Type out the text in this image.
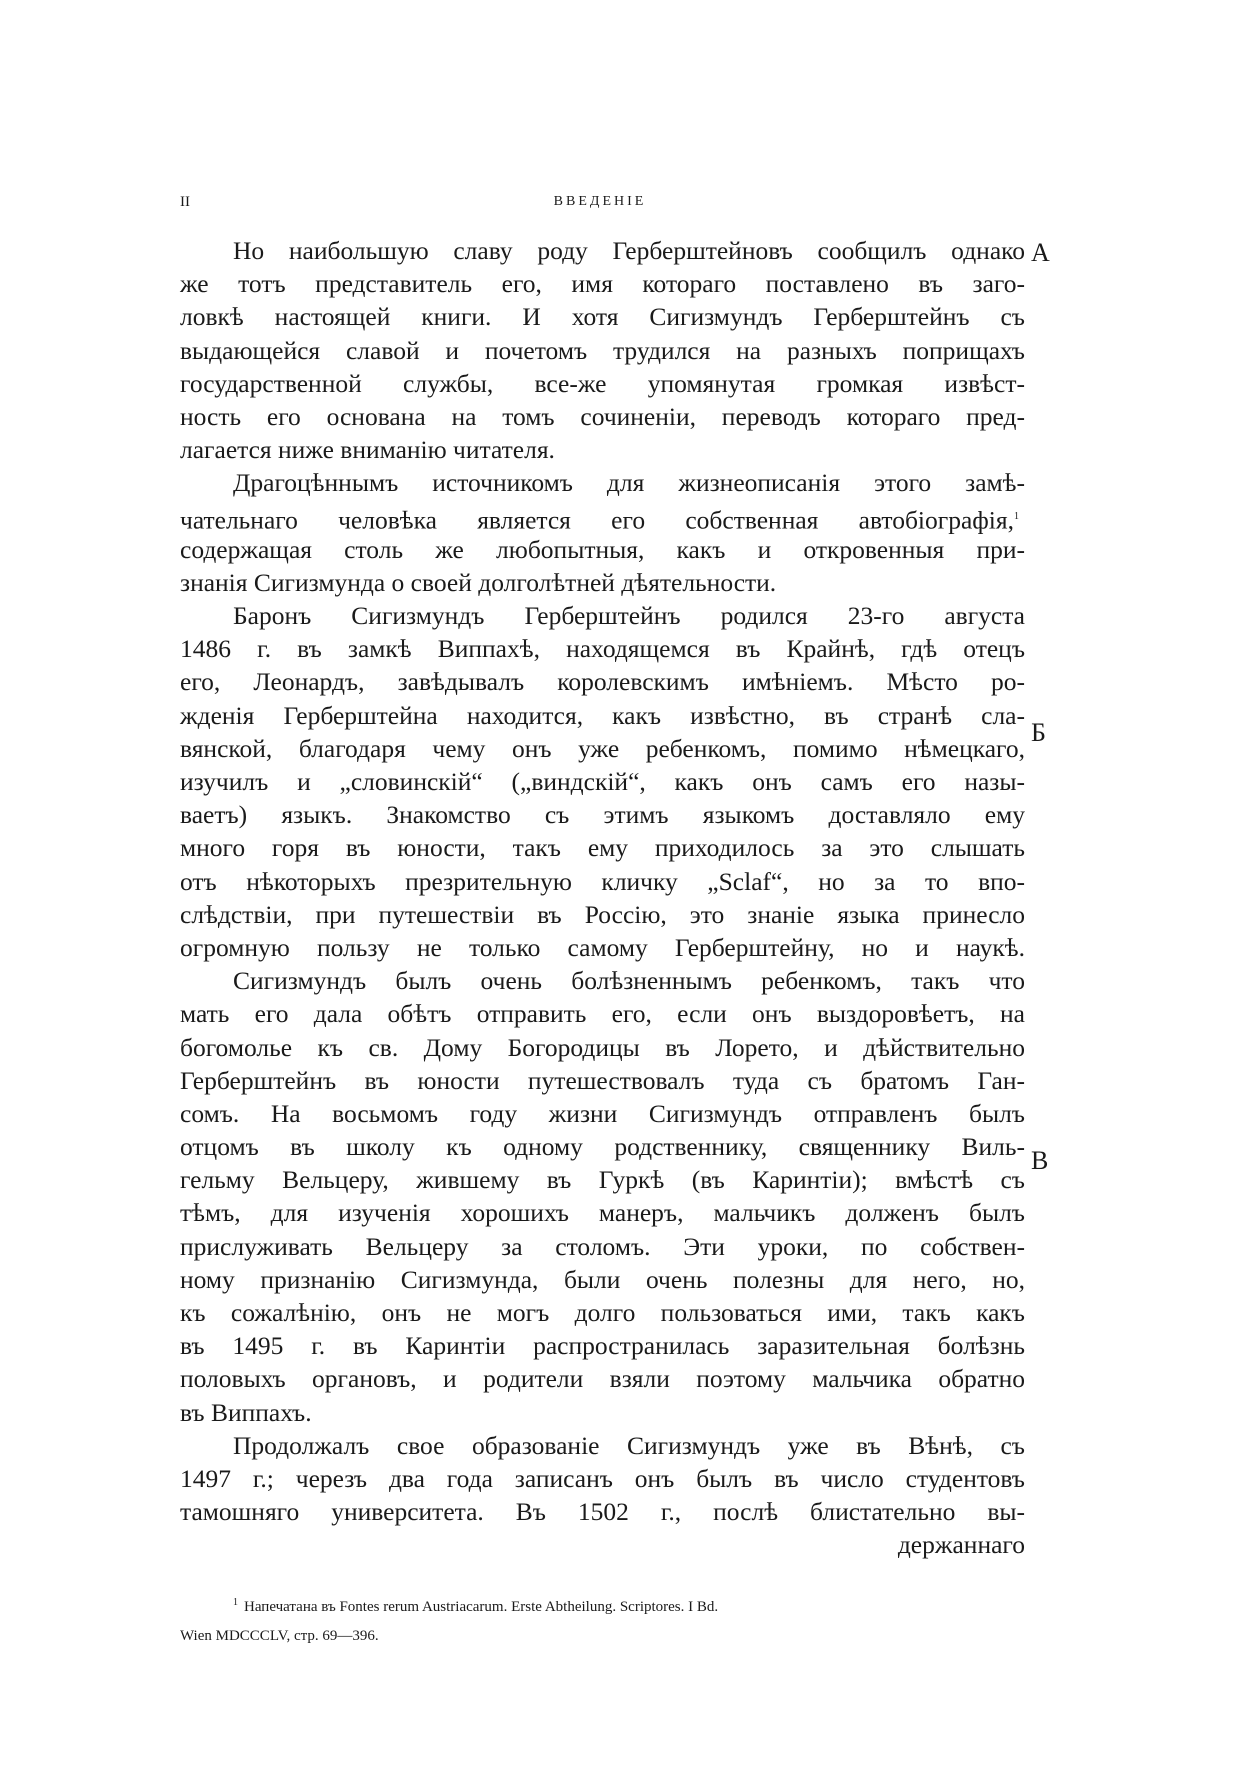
II	ВВЕДЕНІЕ
А
Б
В
Но наибольшую славу роду Герберштейновъ сообщилъ однако
же тотъ представитель его, имя котораго поставлено въ заго-
ловкѣ настоящей книги. И хотя Сигизмундъ Герберштейнъ съ
выдающейся славой и почетомъ трудился на разныхъ поприщахъ
государственной службы, все-же упомянутая громкая извѣст-
ность его основана на томъ сочиненіи, переводъ котораго пред-
лагается ниже вниманію читателя.
Драгоцѣннымъ источникомъ для жизнеописанія этого замѣ-
чательнаго человѣка является его собственная автобіографія,$^1$
содержащая столь же любопытныя, какъ и откровенныя при-
знанія Сигизмунда о своей долголѣтней дѣятельности.
Баронъ Сигизмундъ Герберштейнъ родился 23-го августа
1486 г. въ замкѣ Виппахѣ, находящемся въ Крайнѣ, гдѣ отецъ
его, Леонардъ, завѣдывалъ королевскимъ имѣніемъ. Мѣсто ро-
жденія Герберштейна находится, какъ извѣстно, въ странѣ сла-
вянской, благодаря чему онъ уже ребенкомъ, помимо нѣмецкаго,
изучилъ и „словинскій“ („виндскій“, какъ онъ самъ его назы-
ваетъ) языкъ. Знакомство съ этимъ языкомъ доставляло ему
много горя въ юности, такъ ему приходилось за это слышать
отъ нѣкоторыхъ презрительную кличку „Sclaf“, но за то впо-
слѣдствіи, при путешествіи въ Россію, это знаніе языка принесло
огромную пользу не только самому Герберштейну, но и наукѣ.
Сигизмундъ былъ очень болѣзненнымъ ребенкомъ, такъ что
мать его дала обѣтъ отправить его, если онъ выздоровѣетъ, на
богомолье къ св. Дому Богородицы въ Лорето, и дѣйствительно
Герберштейнъ въ юности путешествовалъ туда съ братомъ Ган-
сомъ. На восьмомъ году жизни Сигизмундъ отправленъ былъ
отцомъ въ школу къ одному родственнику, священнику Виль-
гельму Вельцеру, жившему въ Гуркѣ (въ Каринтіи); вмѣстѣ съ
тѣмъ, для изученія хорошихъ манеръ, мальчикъ долженъ былъ
прислуживать Вельцеру за столомъ. Эти уроки, по собствен-
ному признанію Сигизмунда, были очень полезны для него, но,
къ сожалѣнію, онъ не могъ долго пользоваться ими, такъ какъ
въ 1495 г. въ Каринтіи распространилась заразительная болѣзнь
половыхъ органовъ, и родители взяли поэтому мальчика обратно
въ Виппахъ.
Продолжалъ свое образованіе Сигизмундъ уже въ Вѣнѣ, съ
1497 г.; черезъ два года записанъ онъ былъ въ число студентовъ
тамошняго университета. Въ 1502 г., послѣ блистательно вы-
держаннаго
$^1$ Напечатана въ Fontes rerum Austriacarum. Erste Abtheilung. Scriptores. I Bd.
Wien MDCCCLV, стр. 69—396.
